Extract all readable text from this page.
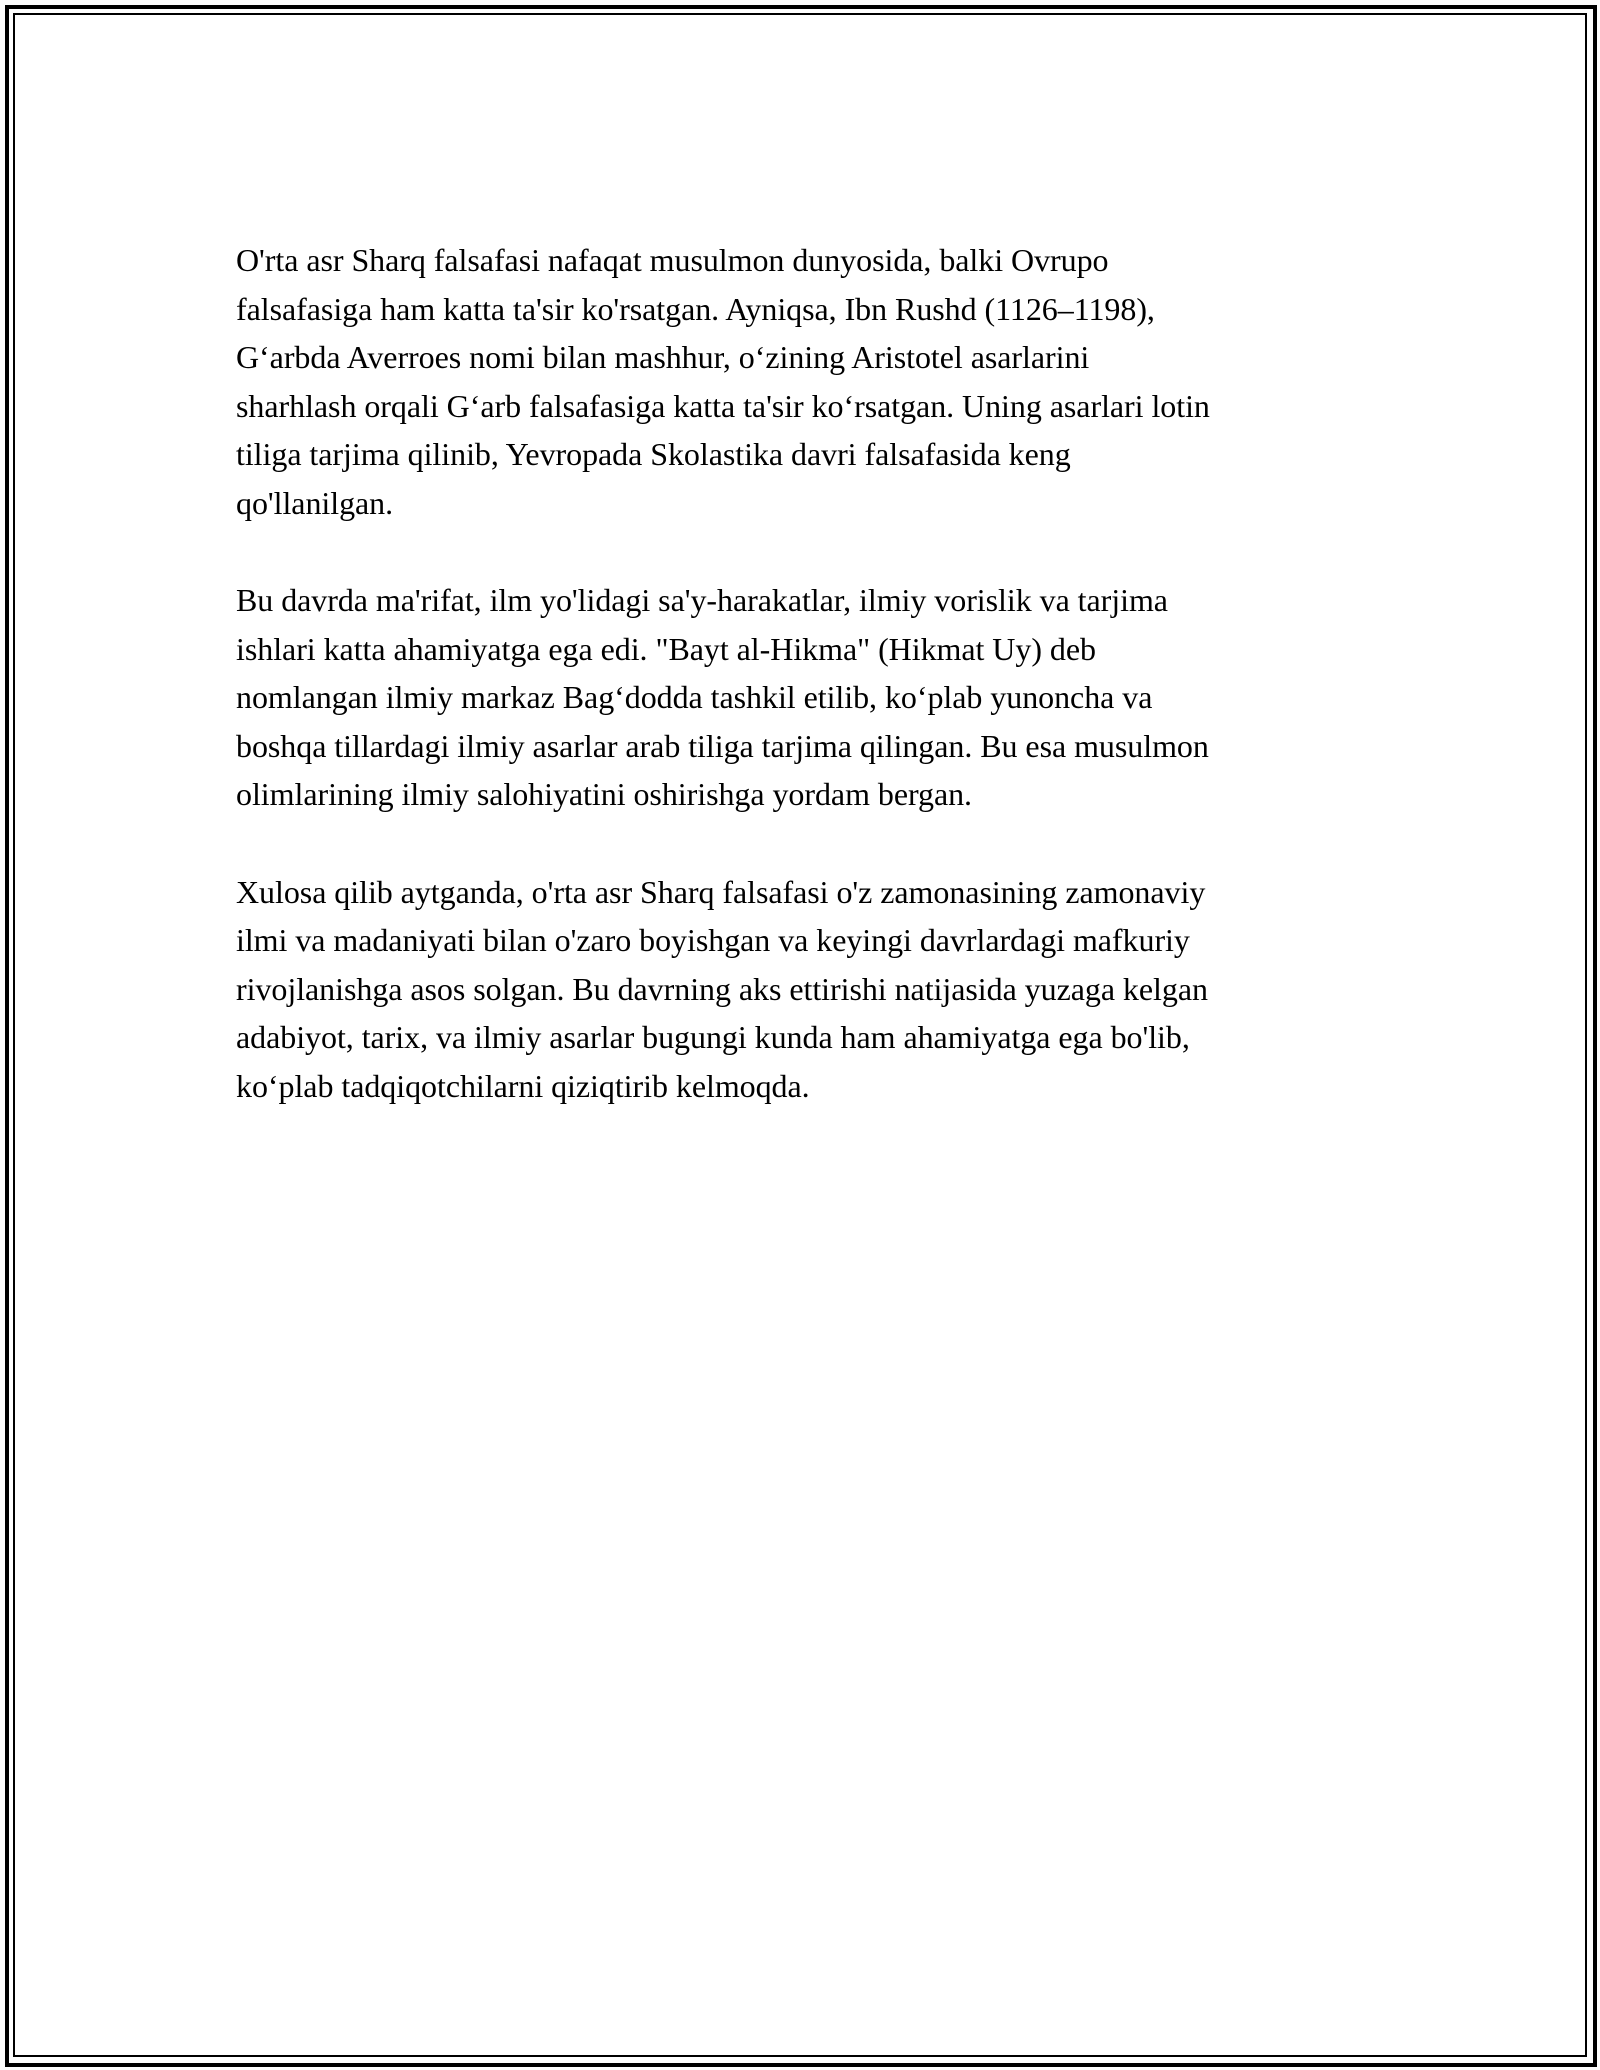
O'rta asr Sharq falsafasi nafaqat musulmon dunyosida, balki Ovrupo
falsafasiga ham katta ta'sir ko'rsatgan. Ayniqsa, Ibn Rushd (1126–1198),
G‘arbda Averroes nomi bilan mashhur, o‘zining Aristotel asarlarini
sharhlash orqali G‘arb falsafasiga katta ta'sir ko‘rsatgan. Uning asarlari lotin
tiliga tarjima qilinib, Yevropada Skolastika davri falsafasida keng
qo'llanilgan.

Bu davrda ma'rifat, ilm yo'lidagi sa'y-harakatlar, ilmiy vorislik va tarjima
ishlari katta ahamiyatga ega edi. "Bayt al-Hikma" (Hikmat Uy) deb
nomlangan ilmiy markaz Bag‘dodda tashkil etilib, ko‘plab yunoncha va
boshqa tillardagi ilmiy asarlar arab tiliga tarjima qilingan. Bu esa musulmon
olimlarining ilmiy salohiyatini oshirishga yordam bergan.

Xulosa qilib aytganda, o'rta asr Sharq falsafasi o'z zamonasining zamonaviy
ilmi va madaniyati bilan o'zaro boyishgan va keyingi davrlardagi mafkuriy
rivojlanishga asos solgan. Bu davrning aks ettirishi natijasida yuzaga kelgan
adabiyot, tarix, va ilmiy asarlar bugungi kunda ham ahamiyatga ega bo'lib,
ko‘plab tadqiqotchilarni qiziqtirib kelmoqda.
